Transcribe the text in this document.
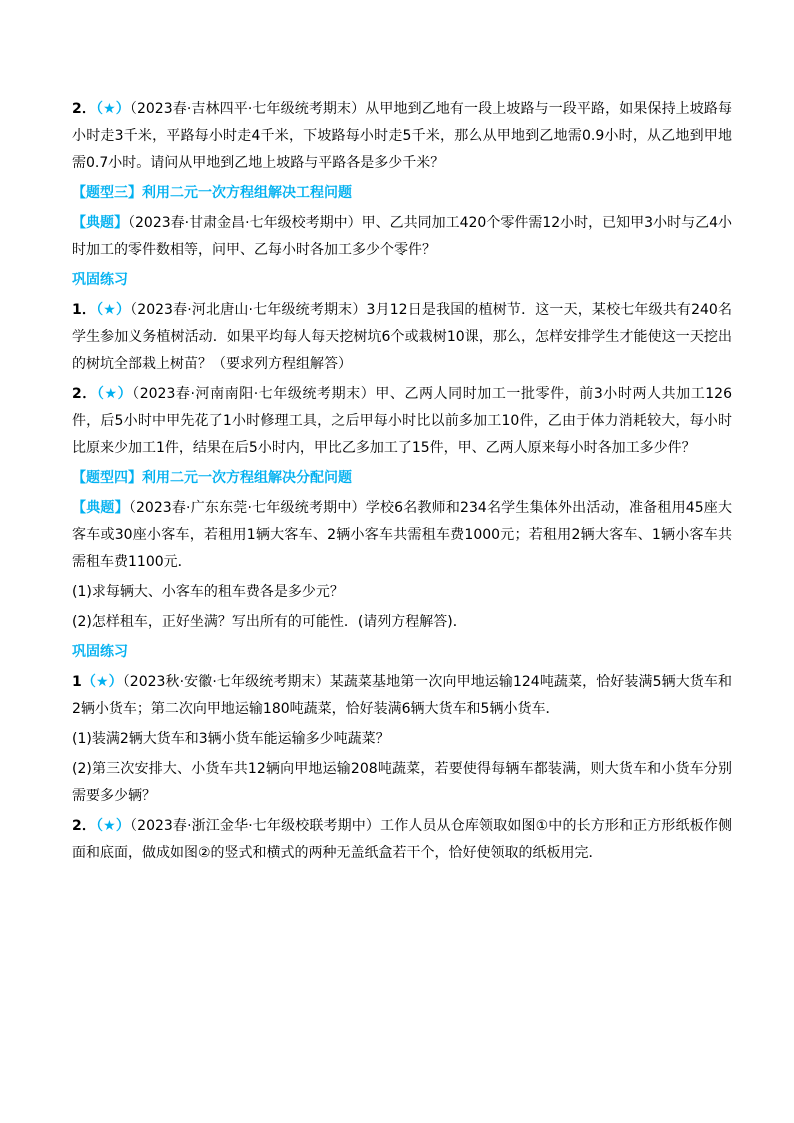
2．（★）（2023春·吉林四平·七年级统考期末）从甲地到乙地有一段上坡路与一段平路，如果保持上坡路每小时走3千米，平路每小时走4千米，下坡路每小时走5千米，那么从甲地到乙地需0.9小时，从乙地到甲地需0.7小时。请问从甲地到乙地上坡路与平路各是多少千米？

【题型三】利用二元一次方程组解决工程问题

【典题】（2023春·甘肃金昌·七年级校考期中）甲、乙共同加工420个零件需12小时，已知甲3小时与乙4小时加工的零件数相等，问甲、乙每小时各加工多少个零件？

巩固练习

1．（★）（2023春·河北唐山·七年级统考期末）3月12日是我国的植树节．这一天，某校七年级共有240名学生参加义务植树活动．如果平均每人每天挖树坑6个或栽树10课，那么，怎样安排学生才能使这一天挖出的树坑全部栽上树苗？（要求列方程组解答）

2．（★）（2023春·河南南阳·七年级统考期末）甲、乙两人同时加工一批零件，前3小时两人共加工126件，后5小时中甲先花了1小时修理工具，之后甲每小时比以前多加工10件，乙由于体力消耗较大，每小时比原来少加工1件，结果在后5小时内，甲比乙多加工了15件，甲、乙两人原来每小时各加工多少件？

【题型四】利用二元一次方程组解决分配问题

【典题】（2023春·广东东莞·七年级统考期中）学校6名教师和234名学生集体外出活动，准备租用45座大客车或30座小客车，若租用1辆大客车、2辆小客车共需租车费1000元；若租用2辆大客车、1辆小客车共需租车费1100元．

(1)求每辆大、小客车的租车费各是多少元？

(2)怎样租车，正好坐满？写出所有的可能性．(请列方程解答)．

巩固练习

1（★）（2023秋·安徽·七年级统考期末）某蔬菜基地第一次向甲地运输124吨蔬菜，恰好装满5辆大货车和2辆小货车；第二次向甲地运输180吨蔬菜，恰好装满6辆大货车和5辆小货车．

(1)装满2辆大货车和3辆小货车能运输多少吨蔬菜？

(2)第三次安排大、小货车共12辆向甲地运输208吨蔬菜，若要使得每辆车都装满，则大货车和小货车分别需要多少辆？

2．（★）（2023春·浙江金华·七年级校联考期中）工作人员从仓库领取如图①中的长方形和正方形纸板作侧面和底面，做成如图②的竖式和横式的两种无盖纸盒若干个，恰好使领取的纸板用完．
